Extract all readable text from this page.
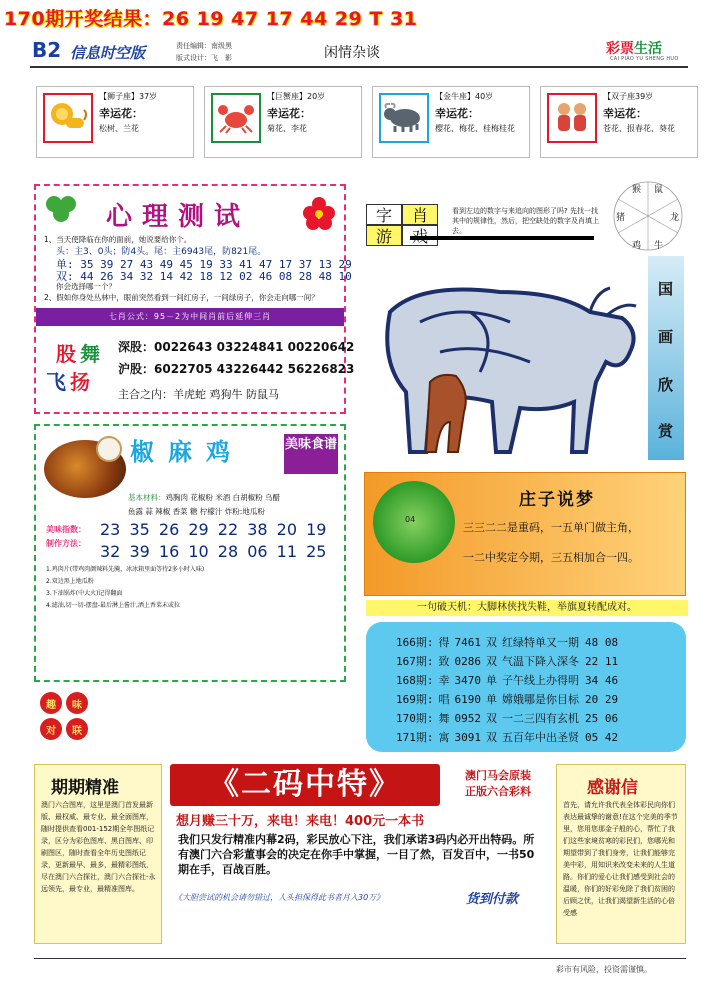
170期开奖结果：26 19 47 17 44 29 T 31
B2 信息时空版	责任编辑：南级黑
版式设计：飞　影	闲情杂谈	彩票生活
CAI PIAO YU SHENG HUO
【狮子座】37岁
幸运花：
松树、兰花
【巨蟹座】20岁
幸运花：
菊花、李花
【金牛座】40岁
幸运花：
樱花、梅花、桂梅桂花
【双子座39岁
幸运花：
苍花、报春花、葵花
心理测试
1、当天使降临在你的面前，她说要给你个。
头：主3、0头；防4头。尾：主6943尾，防821尾。
单: 35 39 27 43 49 45 19 33 41 47 17 37 13 29
双: 44 26 34 32 14 42 18 12 02 46 08 28 48 10
你会选择哪一个？
2、假如你身处丛林中，眼前突然看到一间红房子，一间绿房子，你会走向哪一间？
七肖公式：95－2为中间肖前后延伸三肖
股 舞
飞 扬
深股：0022643 03224841 00220642
沪股：6022705 43226442 56226823
主合之内：羊虎蛇 鸡狗牛 防鼠马
椒麻鸡	美味食谱
基本材料：鸡胸肉 花椒粉 米酒 白胡椒粉 乌醋
鱼露 蒜 辣椒 香菜 糖 柠檬汁 炸粉:地瓜粉
美味指数： 23 35 26 29 22 38 20 19
制作方法： 32 39 16 10 28 06 11 25
1.鸡肉片(带鸡肉颜辣料先腌，冰冰箱里面等待2多小时入味)
2.双边黑上地瓜粉
3.下油锅炸(中大火)记得翻面
4.滤油,切一切-摆盘-最后淋上酱汁,洒上香菜末或拉
趣	味
对	联
字	肖
游
看到左边的数字与来追向的图形了吗? 先找一找其中的规律性，然后，把空缺处的数字及肖填上去。
猴 鼠
猪	龙
鸡 牛
国
画
欣
赏
04
庄子说梦
三三二二是重码，一五单门做主角，
一二中奖定今期，三五相加合一四。
一句破天机：大脚林侠找失鞋，举旗夏转配成对。
166期: 得 7461 双 红绿特单又一期 48 08
167期: 致 0286 双 气温下降入深冬 22 11
168期: 幸 3470 单 子午线上办得明 34 46
169期: 唱 6190 单 嫦娥哪是你目标 20 29
170期: 舞 0952 双 一二三四有玄机 25 06
171期: 寓 3091 双 五百年中出圣贤 05 42
期期精准
澳门六合图库，这里是澳门首发最新版、最权威、最专业、最全面图库，随时提供查看001-152期全年图纸记录，区分为彩色图库、黑白图库、印刷图区，随时查看全年历史图纸记录，更新最早、最多，最精彩图纸，尽在澳门六合探社，澳门六合探社-永远领先，最专业，最精准图库。
《二码中特》	澳门马会原装
正版六合彩料
想月赚三十万，来电！来电！400元一本书
我们只发行精准内幕2码，彩民放心下注，我们承诺3码内必开出特码。所有澳门六合彩董事会的决定在你手中掌握，一目了然，百发百中，一书50期在手，百战百胜。
《大胆尝试的机会请勿错过，人头担保得此书者月入30万》	货到付款
感谢信
首先，请允许我代表全体彩民向你们表达最诚挚的谢意!在这个完美的季节里，您用您那金子般的心，帮忙了我们这些家境贫寒的彩民们，您哪光和期望带到了我们身旁，让我们能够完美中彩，用知识来改变未来的人生道路。你们的爱心让我们感受到社会的温暖，你们的好彩免除了我们贫困的后顾之忧，让我们渴望新生活的心倍受感
彩市有风险，投资需谨慎。
